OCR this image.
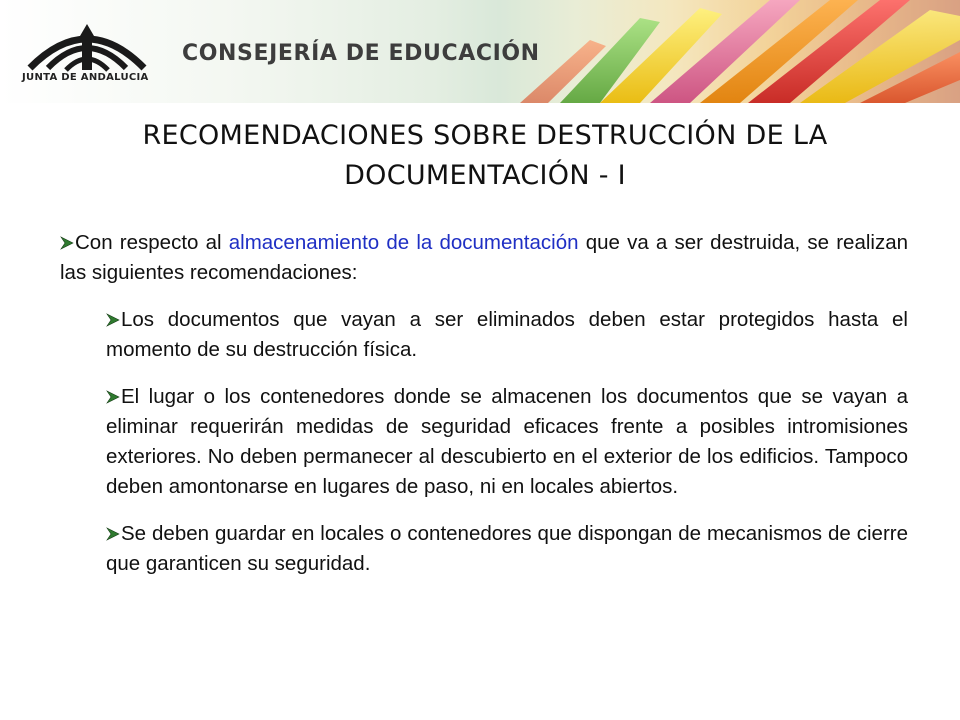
JUNTA DE ANDALUCIA
CONSEJERÍA DE EDUCACIÓN
RECOMENDACIONES SOBRE DESTRUCCIÓN DE LA
DOCUMENTACIÓN - I

Con respecto al almacenamiento de la documentación que va a ser destruida, se realizan las siguientes recomendaciones:

Los documentos que vayan a ser eliminados deben estar protegidos hasta el momento de su destrucción física.

El lugar o los contenedores donde se almacenen los documentos que se vayan a eliminar requerirán medidas de seguridad eficaces frente a posibles intromisiones exteriores. No deben permanecer al descubierto en el exterior de los edificios. Tampoco deben amontonarse en lugares de paso, ni en locales abiertos.

Se deben guardar en locales o contenedores que dispongan de mecanismos de cierre que garanticen su seguridad.
